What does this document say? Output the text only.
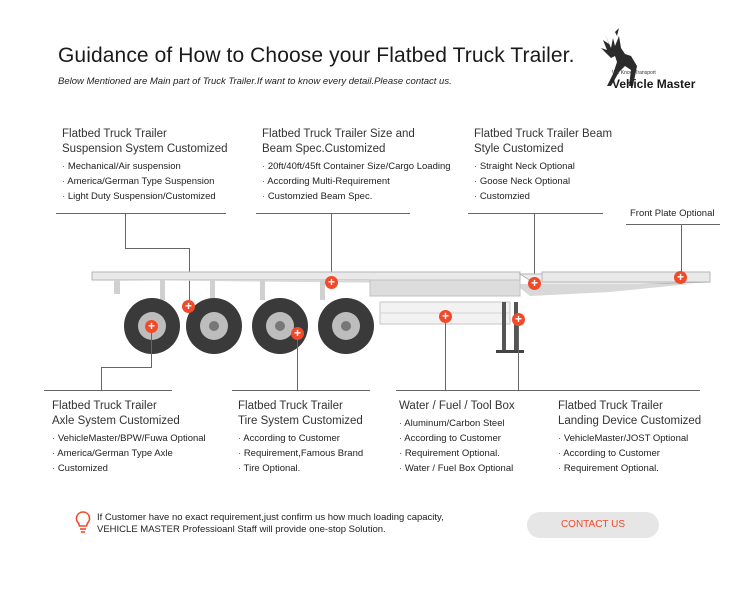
Guidance of How to Choose your Flatbed Truck Trailer.
Below Mentioned are Main part of Truck Trailer.If want to know every detail.Please contact us.
We Know Transport
Vehicle Master
Flatbed Truck Trailer
Suspension System Customized
· Mechanical/Air suspension
· America/German Type Suspension
· Light Duty Suspension/Customized
Flatbed Truck Trailer Size and
Beam Spec.Customized
· 20ft/40ft/45ft Container Size/Cargo Loading
· According Multi-Requirement
· Customzied Beam Spec.
Flatbed Truck Trailer Beam
Style Customized
· Straight Neck Optional
· Goose Neck Optional
· Customzied
Front Plate Optional
+	+	+
+
+	+
+	+
Flatbed Truck Trailer
Axle System Customized
· VehicleMaster/BPW/Fuwa Optional
· America/German Type Axle
· Customized
Flatbed Truck Trailer
Tire System Customized
· According to Customer
· Requirement,Famous Brand
· Tire Optional.
Water / Fuel / Tool Box
· Aluminum/Carbon Steel
· According to Customer
· Requirement Optional.
· Water / Fuel Box Optional
Flatbed Truck Trailer
Landing Device Customized
· VehicleMaster/JOST Optional
· According to Customer
· Requirement Optional.
If Customer have no exact requirement,just confirm us how much loading capacity,
VEHICLE MASTER Professioanl Staff will provide one-stop Solution.	CONTACT US
